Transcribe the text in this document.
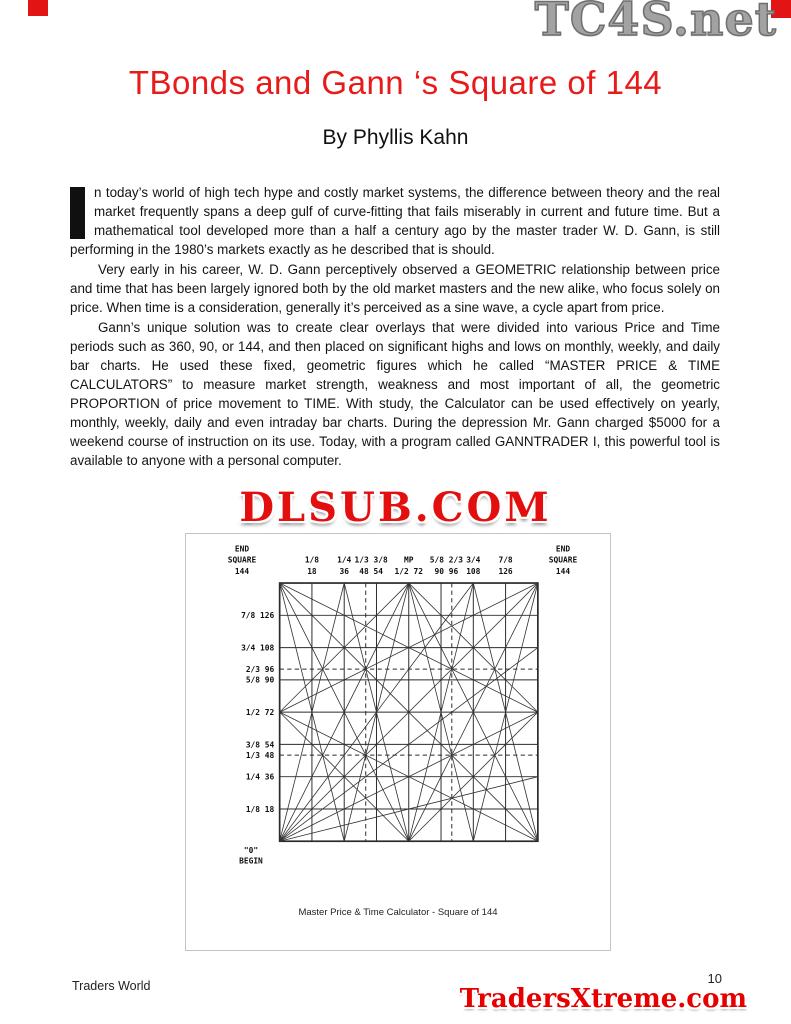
TC4S.net
DLSUB.COM
TradersXtreme.com
TBonds and Gann ‘s Square of 144
By Phyllis Kahn

I n today’s world of high tech hype and costly market systems, the difference between theory and the real market frequently spans a deep gulf of curve-fitting that fails miserably in current and future time. But a mathematical tool developed more than a half a century ago by the master trader W. D. Gann, is still performing in the 1980’s markets exactly as he described that is should.

Very early in his career, W. D. Gann perceptively observed a GEOMETRIC relationship between price and time that has been largely ignored both by the old market masters and the new alike, who focus solely on price. When time is a consideration, generally it’s perceived as a sine wave, a cycle apart from price.

Gann’s unique solution was to create clear overlays that were divided into various Price and Time periods such as 360, 90, or 144, and then placed on significant highs and lows on monthly, weekly, and daily bar charts. He used these fixed, geometric figures which he called “MASTER PRICE & TIME CALCULATORS” to measure market strength, weakness and most important of all, the geometric PROPORTION of price movement to TIME. With study, the Calculator can be used effectively on yearly, monthly, weekly, daily and even intraday bar charts. During the depression Mr. Gann charged $5000 for a weekend course of instruction on its use. Today, with a program called GANNTRADER I, this powerful tool is available to anyone with a personal computer.

END
SQUARE
144
1/8
18
1/4
36
1/3 3/8
48 54
MP
1/2 72
5/8 2/3
90 96
3/4
108
7/8
126
END
SQUARE
144
7/8 126
3/4 108
2/3 96
5/8 90
1/2 72
3/8 54
1/3 48
1/4 36
1/8 18
"0"
BEGIN
Master Price & Time Calculator - Square of 144
Traders World	10
